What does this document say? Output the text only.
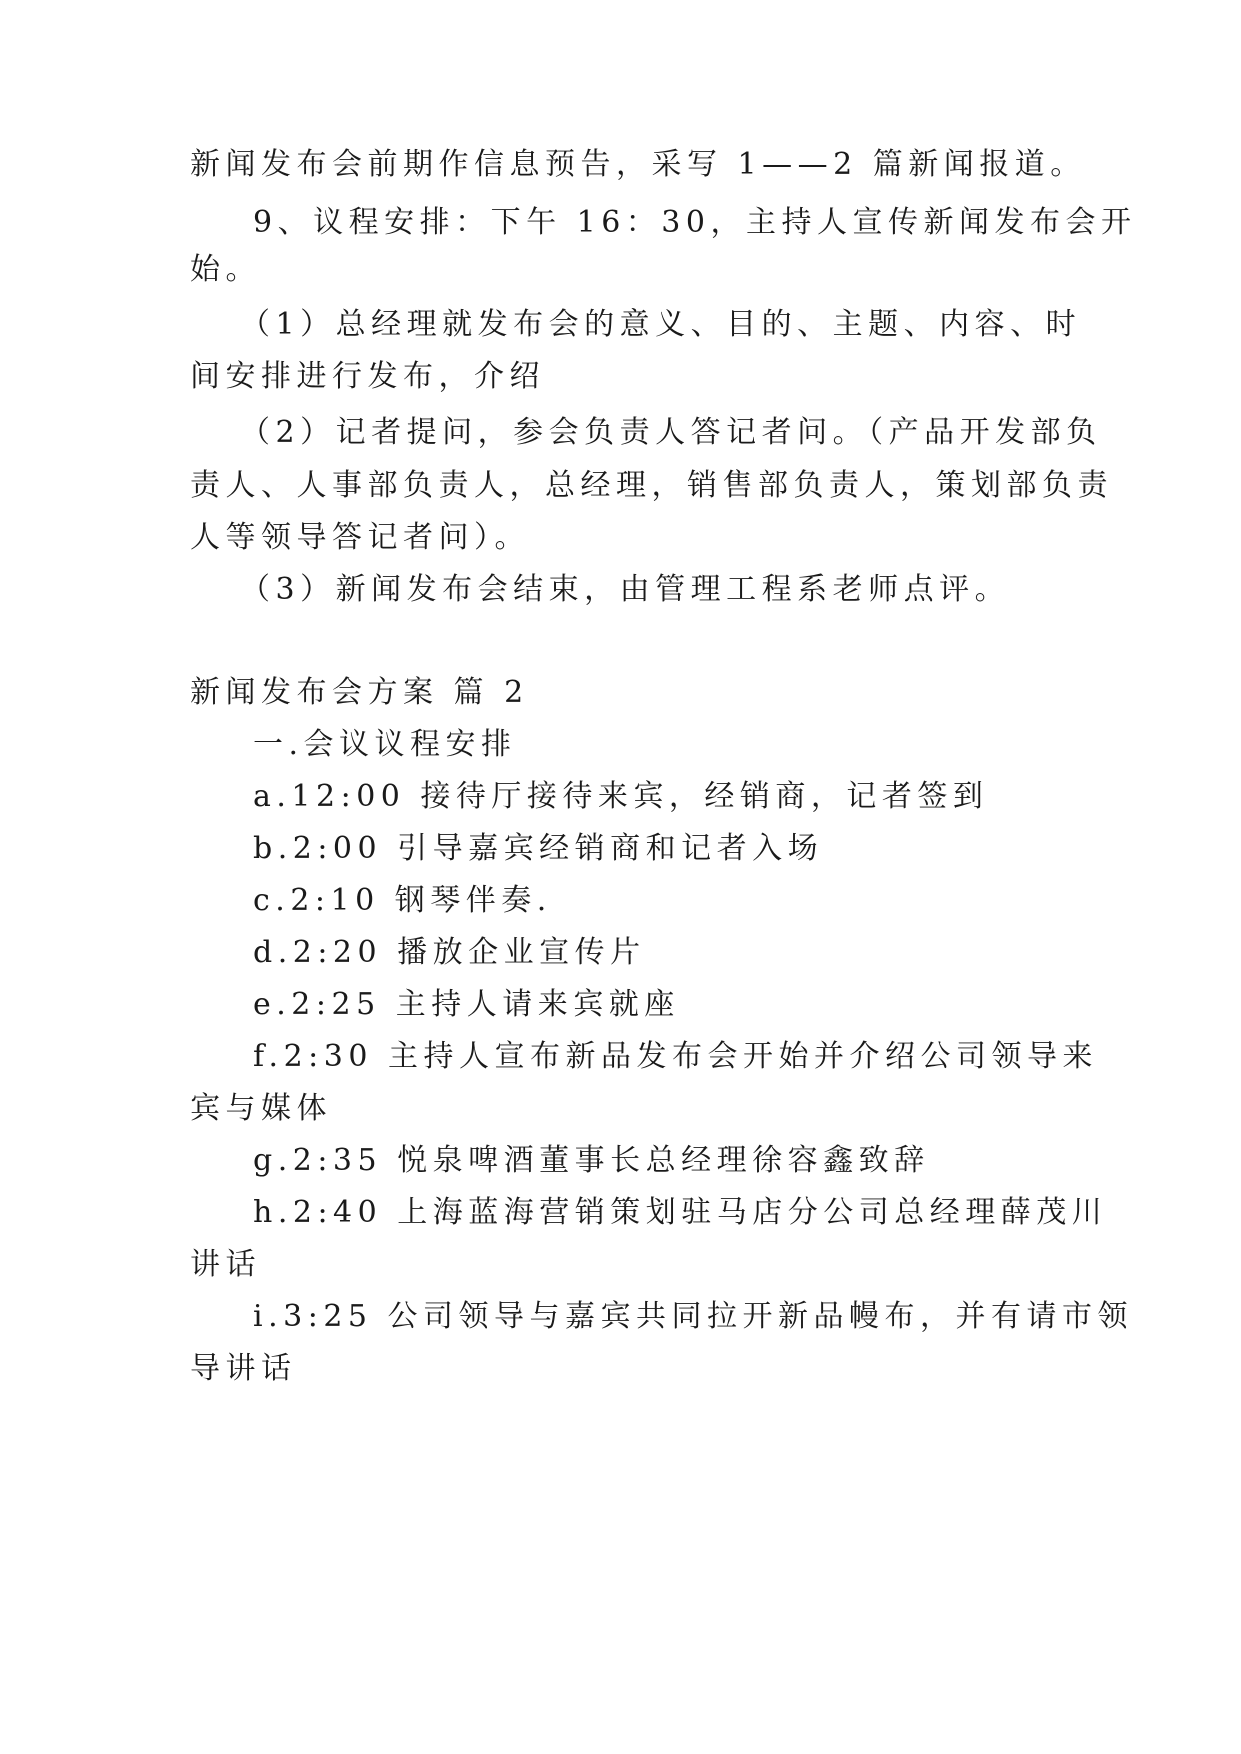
新闻发布会前期作信息预告，采写 1——2 篇新闻报道。
9、议程安排：下午 16：30，主持人宣传新闻发布会开
始。
（1）总经理就发布会的意义、目的、主题、内容、时
间安排进行发布，介绍
（2）记者提问，参会负责人答记者问。（产品开发部负
责人、人事部负责人，总经理，销售部负责人，策划部负责
人等领导答记者问）。
（3）新闻发布会结束，由管理工程系老师点评。
新闻发布会方案 篇 2
一.会议议程安排
a.12:00 接待厅接待来宾，经销商，记者签到
b.2:00 引导嘉宾经销商和记者入场
c.2:10 钢琴伴奏.
d.2:20 播放企业宣传片
e.2:25 主持人请来宾就座
f.2:30 主持人宣布新品发布会开始并介绍公司领导来
宾与媒体
g.2:35 悦泉啤酒董事长总经理徐容鑫致辞
h.2:40 上海蓝海营销策划驻马店分公司总经理薛茂川
讲话
i.3:25 公司领导与嘉宾共同拉开新品幔布，并有请市领
导讲话
